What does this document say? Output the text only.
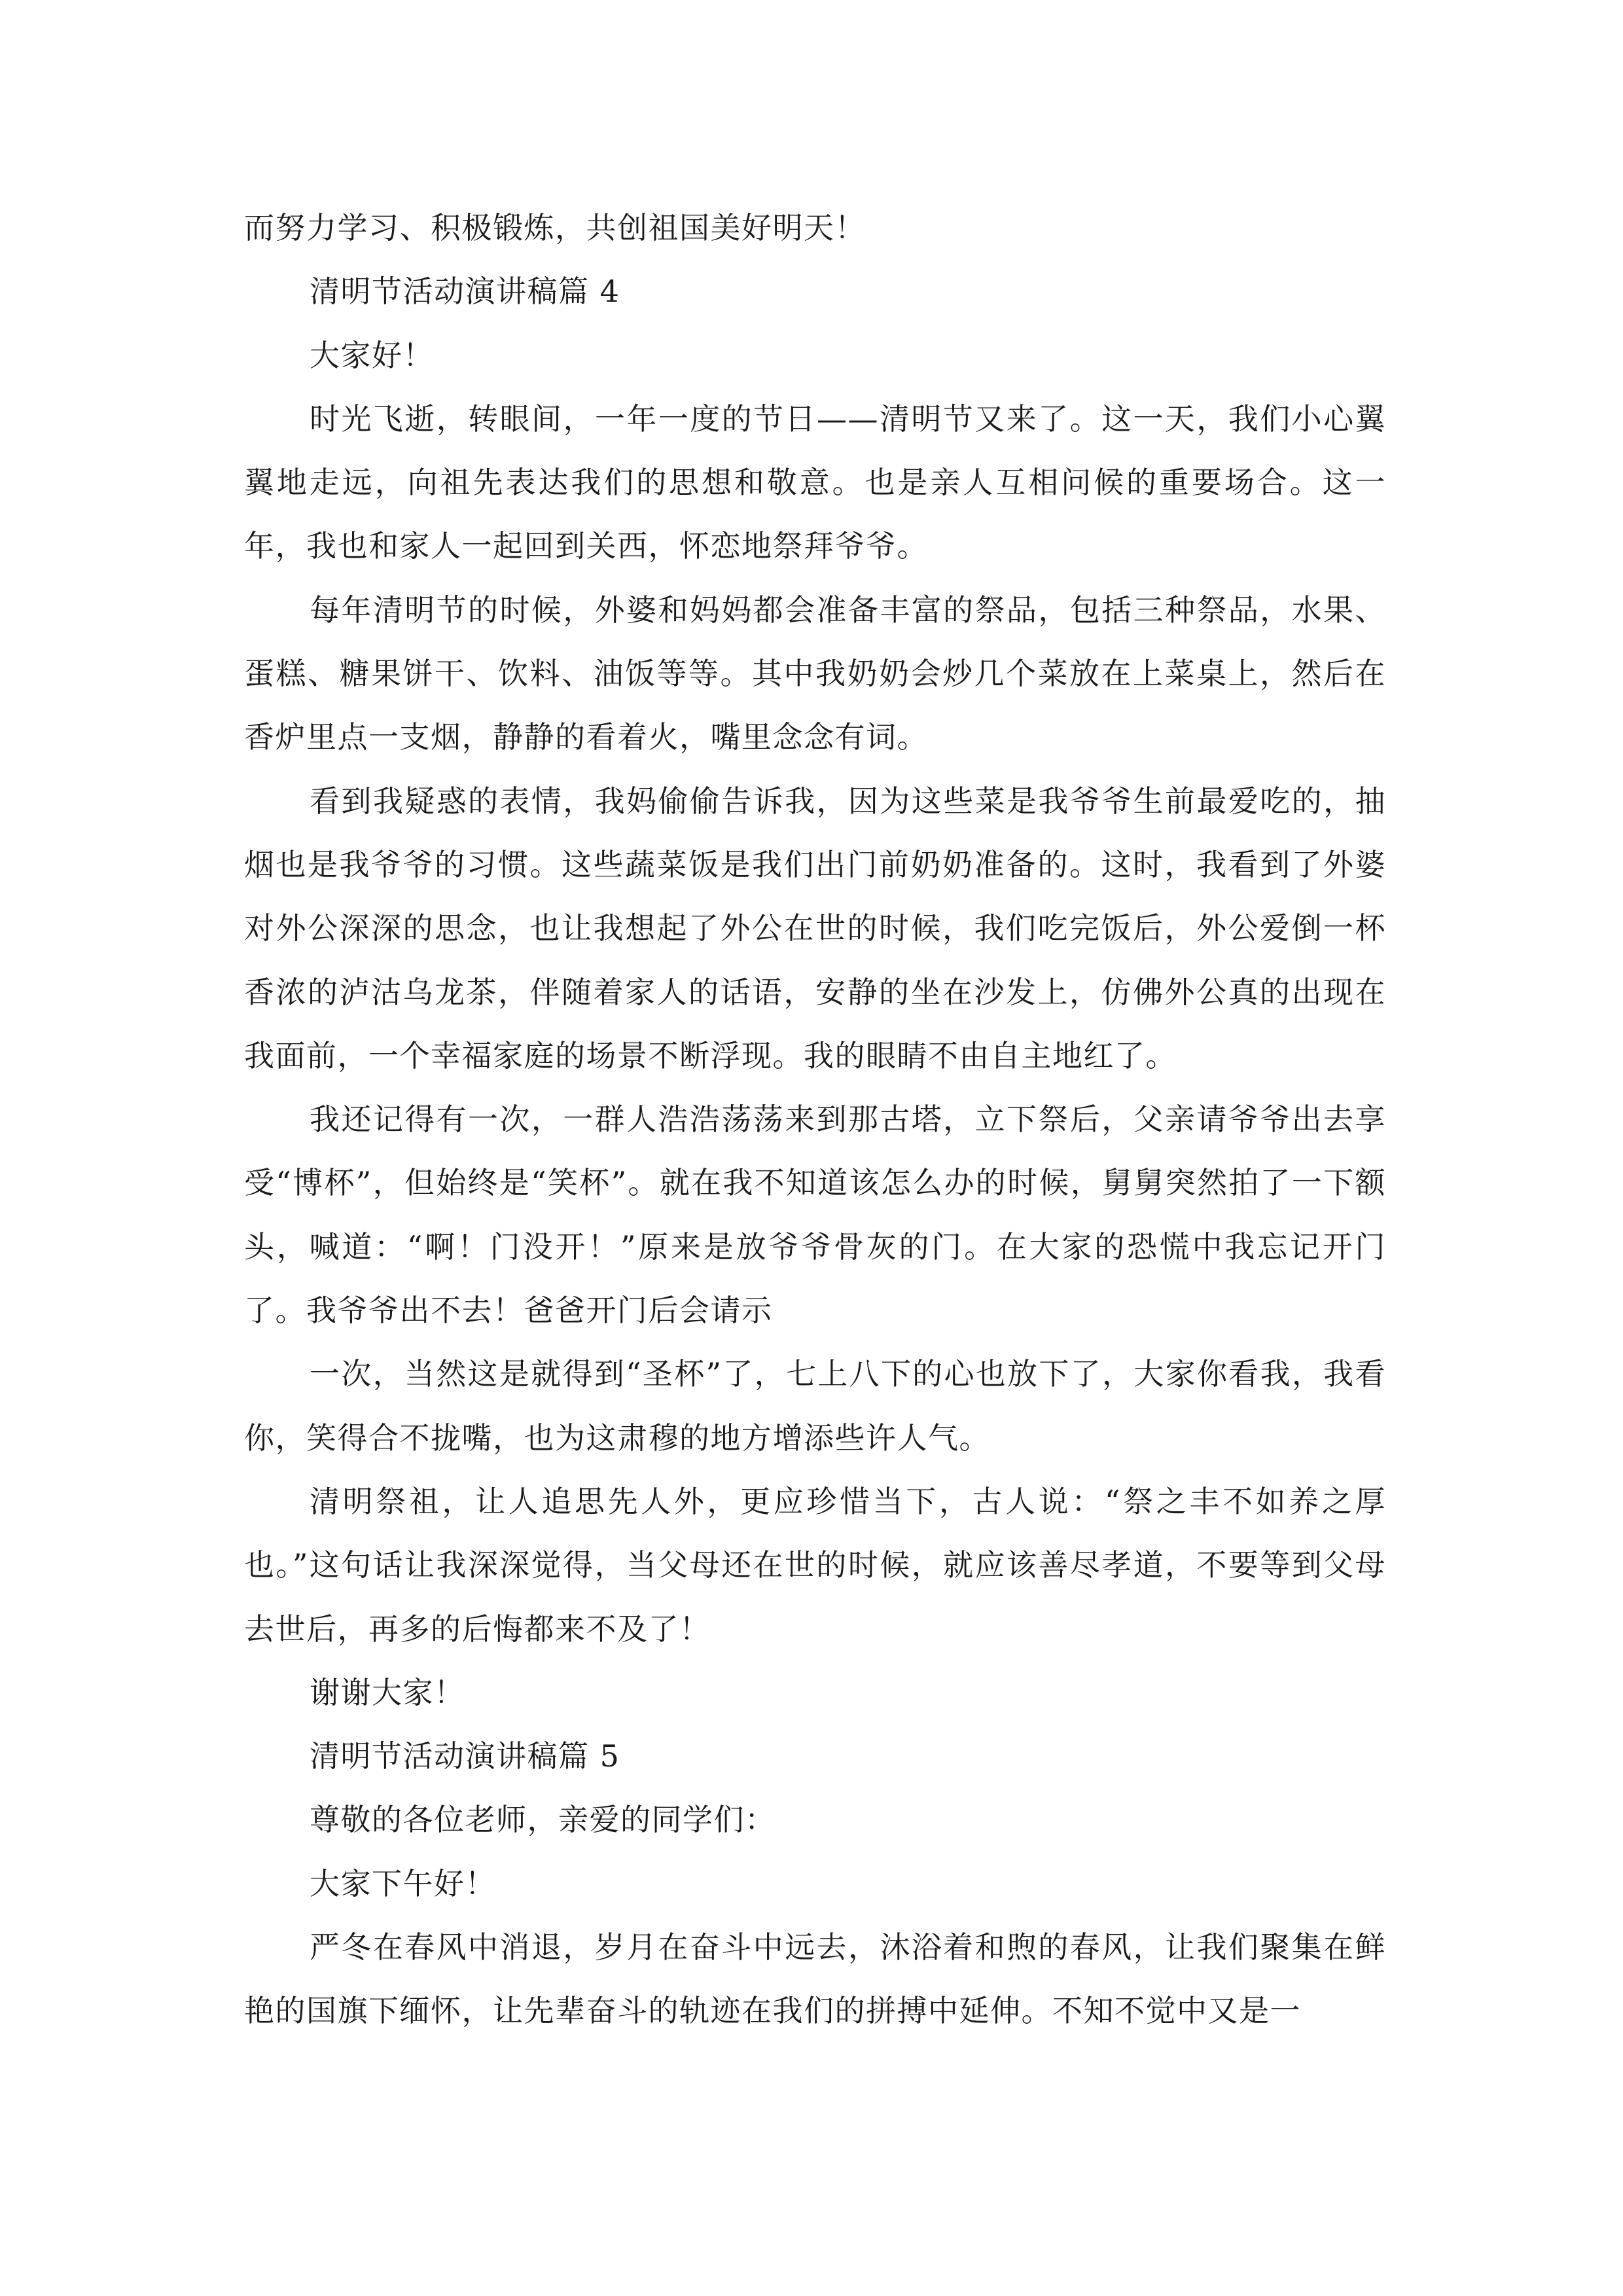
而努力学习、积极锻炼，共创祖国美好明天！

清明节活动演讲稿篇 4

大家好！

时光飞逝，转眼间，一年一度的节日——清明节又来了。这一天，我们小心翼翼地走远，向祖先表达我们的思想和敬意。也是亲人互相问候的重要场合。这一年，我也和家人一起回到关西，怀恋地祭拜爷爷。

每年清明节的时候，外婆和妈妈都会准备丰富的祭品，包括三种祭品，水果、蛋糕、糖果饼干、饮料、油饭等等。其中我奶奶会炒几个菜放在上菜桌上，然后在香炉里点一支烟，静静的看着火，嘴里念念有词。

看到我疑惑的表情，我妈偷偷告诉我，因为这些菜是我爷爷生前最爱吃的，抽烟也是我爷爷的习惯。这些蔬菜饭是我们出门前奶奶准备的。这时，我看到了外婆对外公深深的思念，也让我想起了外公在世的时候，我们吃完饭后，外公爱倒一杯香浓的泸沽乌龙茶，伴随着家人的话语，安静的坐在沙发上，仿佛外公真的出现在我面前，一个幸福家庭的场景不断浮现。我的眼睛不由自主地红了。

我还记得有一次，一群人浩浩荡荡来到那古塔，立下祭后，父亲请爷爷出去享受“博杯”，但始终是“笑杯”。就在我不知道该怎么办的时候，舅舅突然拍了一下额头，喊道：“啊！门没开！”原来是放爷爷骨灰的门。在大家的恐慌中我忘记开门了。我爷爷出不去！爸爸开门后会请示

一次，当然这是就得到“圣杯”了，七上八下的心也放下了，大家你看我，我看你，笑得合不拢嘴，也为这肃穆的地方增添些许人气。

清明祭祖，让人追思先人外，更应珍惜当下，古人说：“祭之丰不如养之厚也。”这句话让我深深觉得，当父母还在世的时候，就应该善尽孝道，不要等到父母去世后，再多的后悔都来不及了！

谢谢大家！

清明节活动演讲稿篇 5

尊敬的各位老师，亲爱的同学们：

大家下午好！

严冬在春风中消退，岁月在奋斗中远去，沐浴着和煦的春风，让我们聚集在鲜艳的国旗下缅怀，让先辈奋斗的轨迹在我们的拼搏中延伸。不知不觉中又是一
